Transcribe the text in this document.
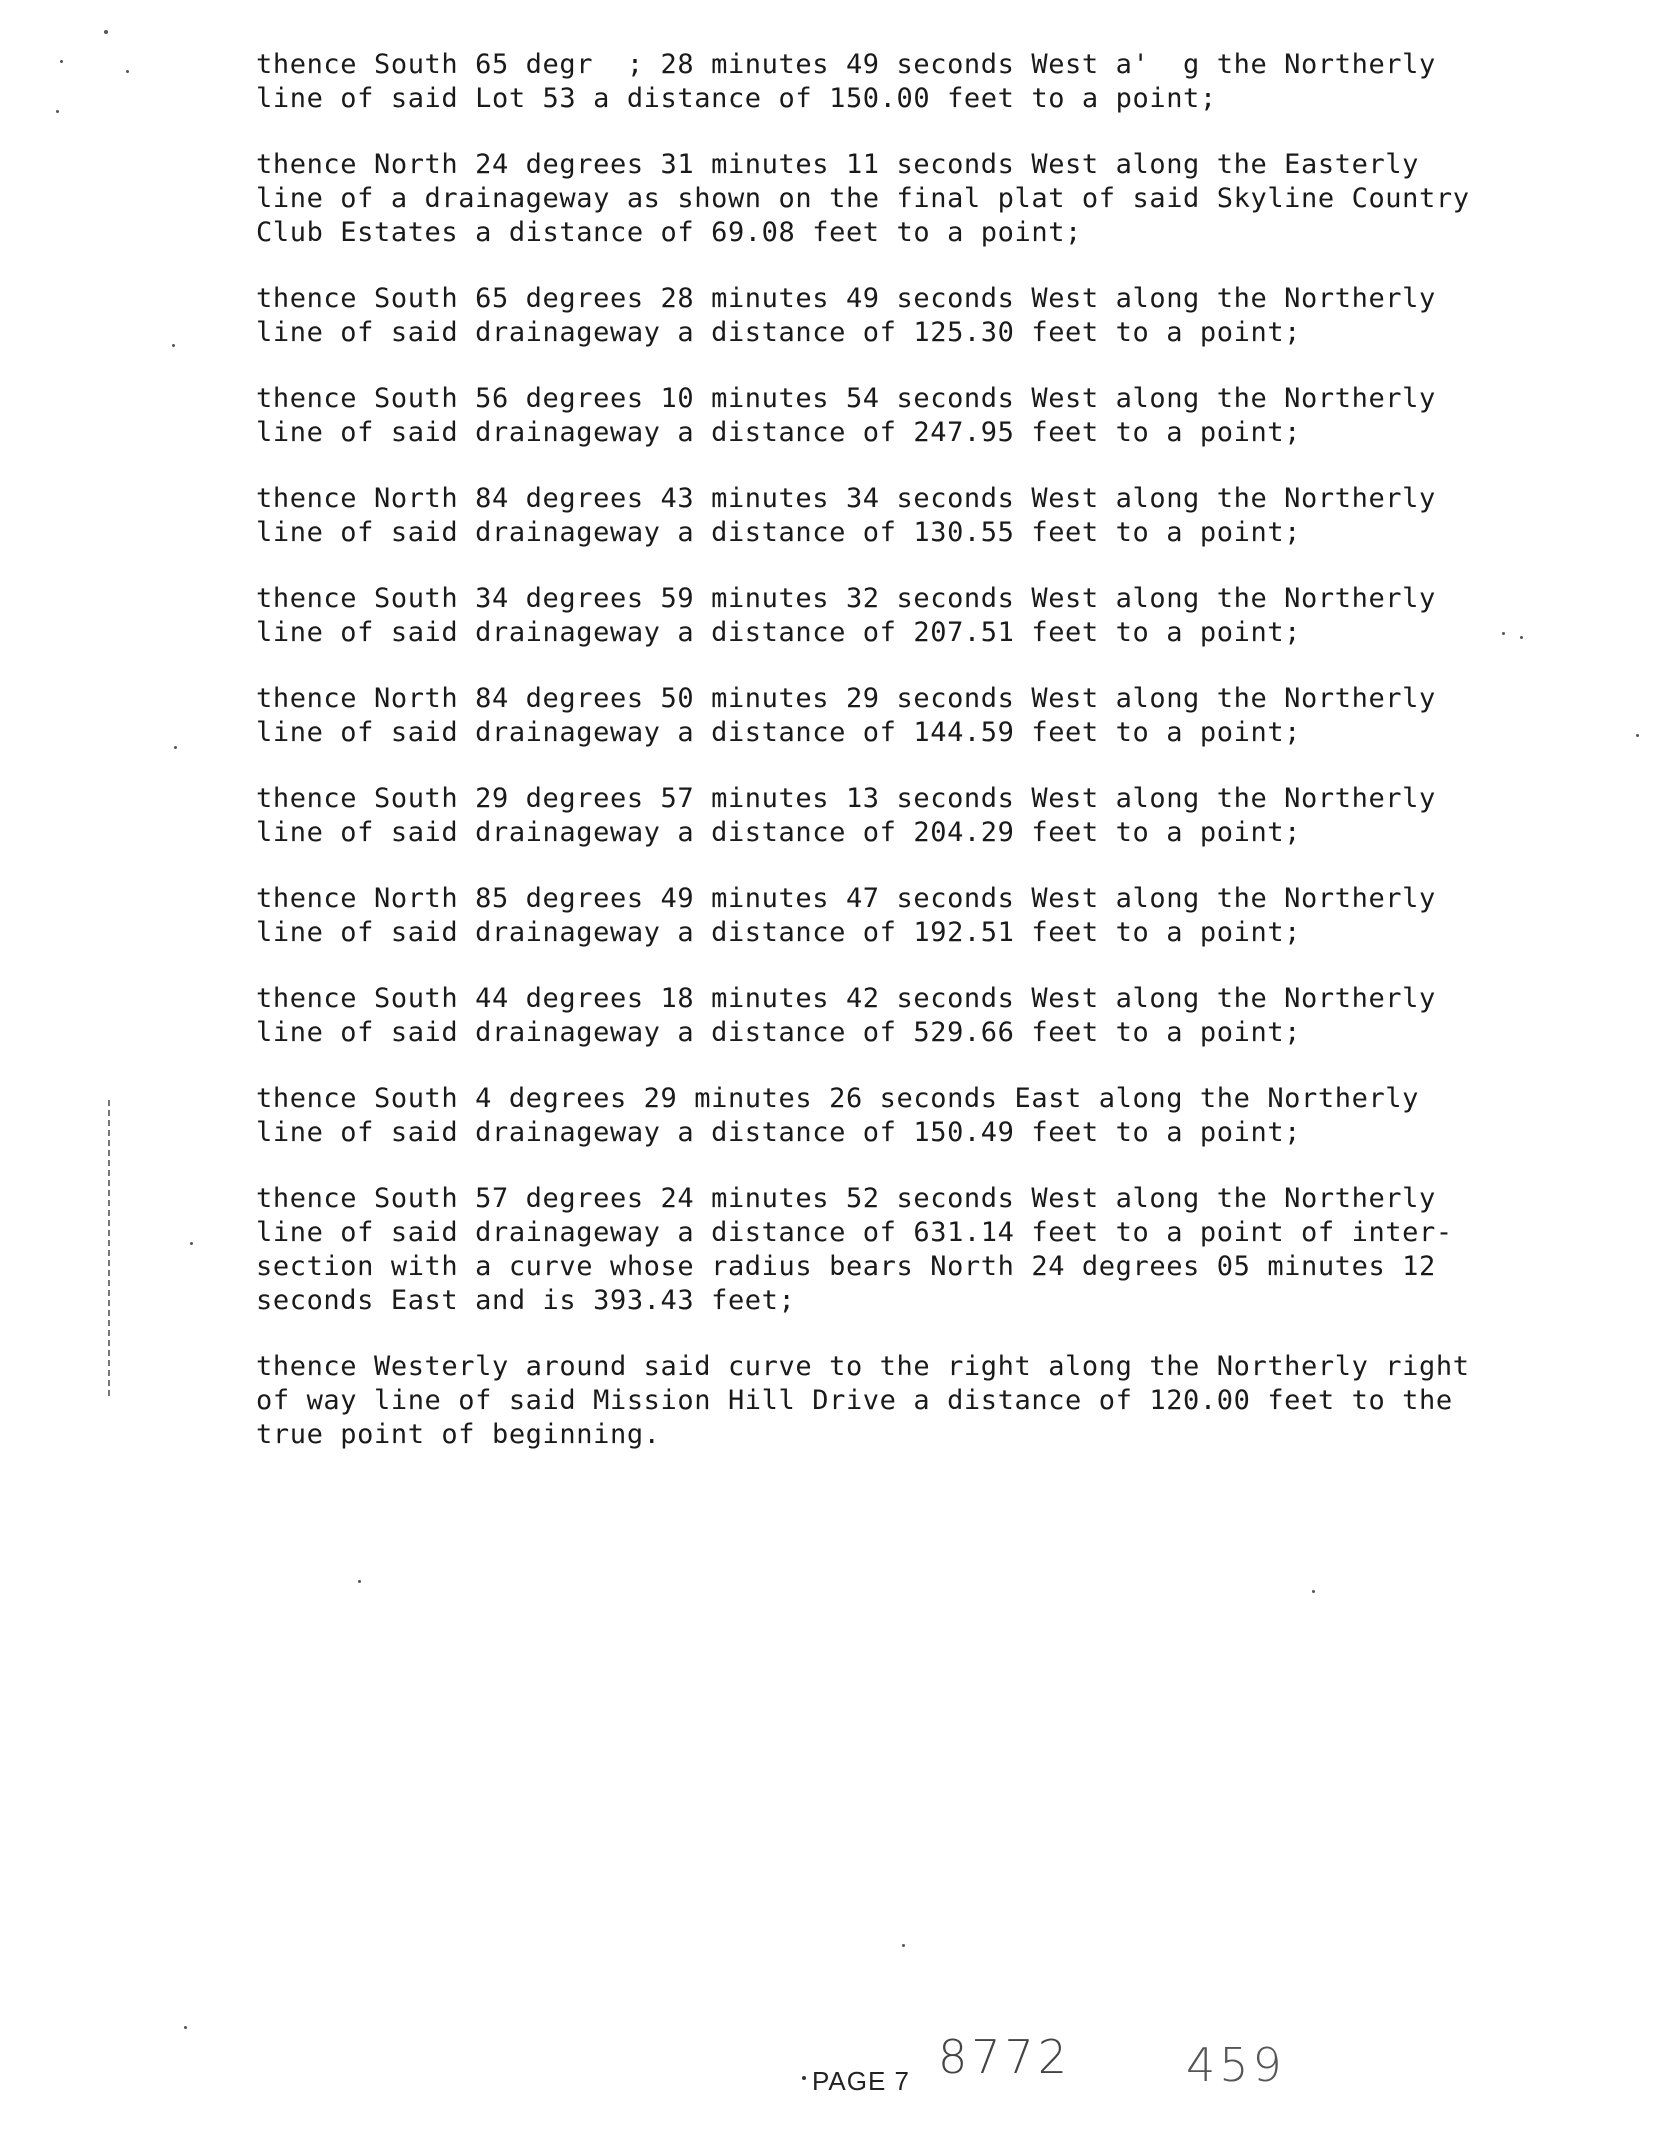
thence South 65 degr  ; 28 minutes 49 seconds West a'  g the Northerly
line of said Lot 53 a distance of 150.00 feet to a point;
thence North 24 degrees 31 minutes 11 seconds West along the Easterly
line of a drainageway as shown on the final plat of said Skyline Country
Club Estates a distance of 69.08 feet to a point;
thence South 65 degrees 28 minutes 49 seconds West along the Northerly
line of said drainageway a distance of 125.30 feet to a point;
thence South 56 degrees 10 minutes 54 seconds West along the Northerly
line of said drainageway a distance of 247.95 feet to a point;
thence North 84 degrees 43 minutes 34 seconds West along the Northerly
line of said drainageway a distance of 130.55 feet to a point;
thence South 34 degrees 59 minutes 32 seconds West along the Northerly
line of said drainageway a distance of 207.51 feet to a point;
thence North 84 degrees 50 minutes 29 seconds West along the Northerly
line of said drainageway a distance of 144.59 feet to a point;
thence South 29 degrees 57 minutes 13 seconds West along the Northerly
line of said drainageway a distance of 204.29 feet to a point;
thence North 85 degrees 49 minutes 47 seconds West along the Northerly
line of said drainageway a distance of 192.51 feet to a point;
thence South 44 degrees 18 minutes 42 seconds West along the Northerly
line of said drainageway a distance of 529.66 feet to a point;
thence South 4 degrees 29 minutes 26 seconds East along the Northerly
line of said drainageway a distance of 150.49 feet to a point;
thence South 57 degrees 24 minutes 52 seconds West along the Northerly
line of said drainageway a distance of 631.14 feet to a point of inter-
section with a curve whose radius bears North 24 degrees 05 minutes 12
seconds East and is 393.43 feet;
thence Westerly around said curve to the right along the Northerly right
of way line of said Mission Hill Drive a distance of 120.00 feet to the
true point of beginning.
PAGE 7 8772 459
